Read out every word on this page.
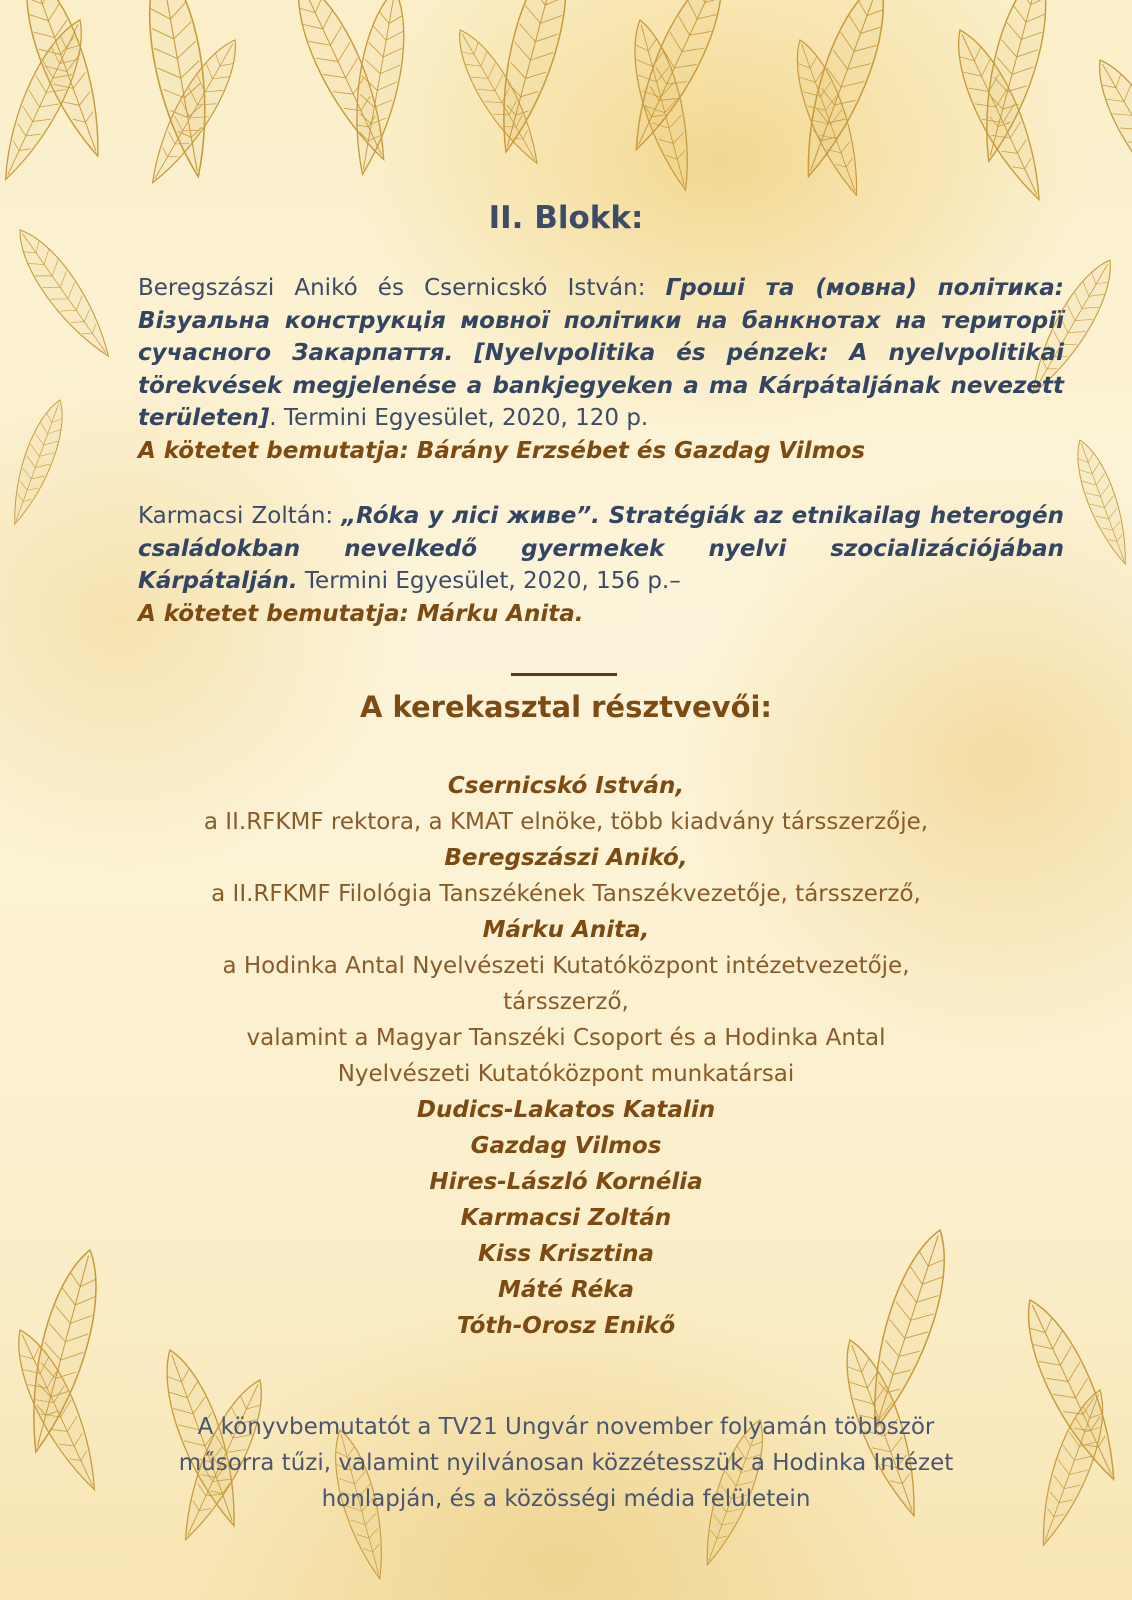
II. Blokk:

Beregszászi Anikó és Csernicskó István: Гроші та (мовна) політика: Візуальна конструкція мовної політики на банкнотах на території сучасного Закарпаття. [Nyelvpolitika és pénzek: A nyelvpolitikai törekvések megjelenése a bankjegyeken a ma Kárpátaljának nevezett területen]. Termini Egyesület, 2020, 120 p.
A kötetet bemutatja: Bárány Erzsébet és Gazdag Vilmos

Karmacsi Zoltán: „Róka y лісі живе”. Stratégiák az etnikailag heterogén családokban nevelkedő gyermekek nyelvi szocializációjában Kárpátalján. Termini Egyesület, 2020, 156 p.–
A kötetet bemutatja: Márku Anita.

A kerekasztal résztvevői:
Csernicskó István,
a II.RFKMF rektora, a KMAT elnöke, több kiadvány társszerzője,
Beregszászi Anikó,
a II.RFKMF Filológia Tanszékének Tanszékvezetője, társszerző,
Márku Anita,
a Hodinka Antal Nyelvészeti Kutatóközpont intézetvezetője,
társszerző,
valamint a Magyar Tanszéki Csoport és a Hodinka Antal
Nyelvészeti Kutatóközpont munkatársai
Dudics-Lakatos Katalin
Gazdag Vilmos
Hires-László Kornélia
Karmacsi Zoltán
Kiss Krisztina
Máté Réka
Tóth-Orosz Enikő
A könyvbemutatót a TV21 Ungvár november folyamán többször
műsorra tűzi, valamint nyilvánosan közzétesszük a Hodinka Intézet
honlapján, és a közösségi média felületein
